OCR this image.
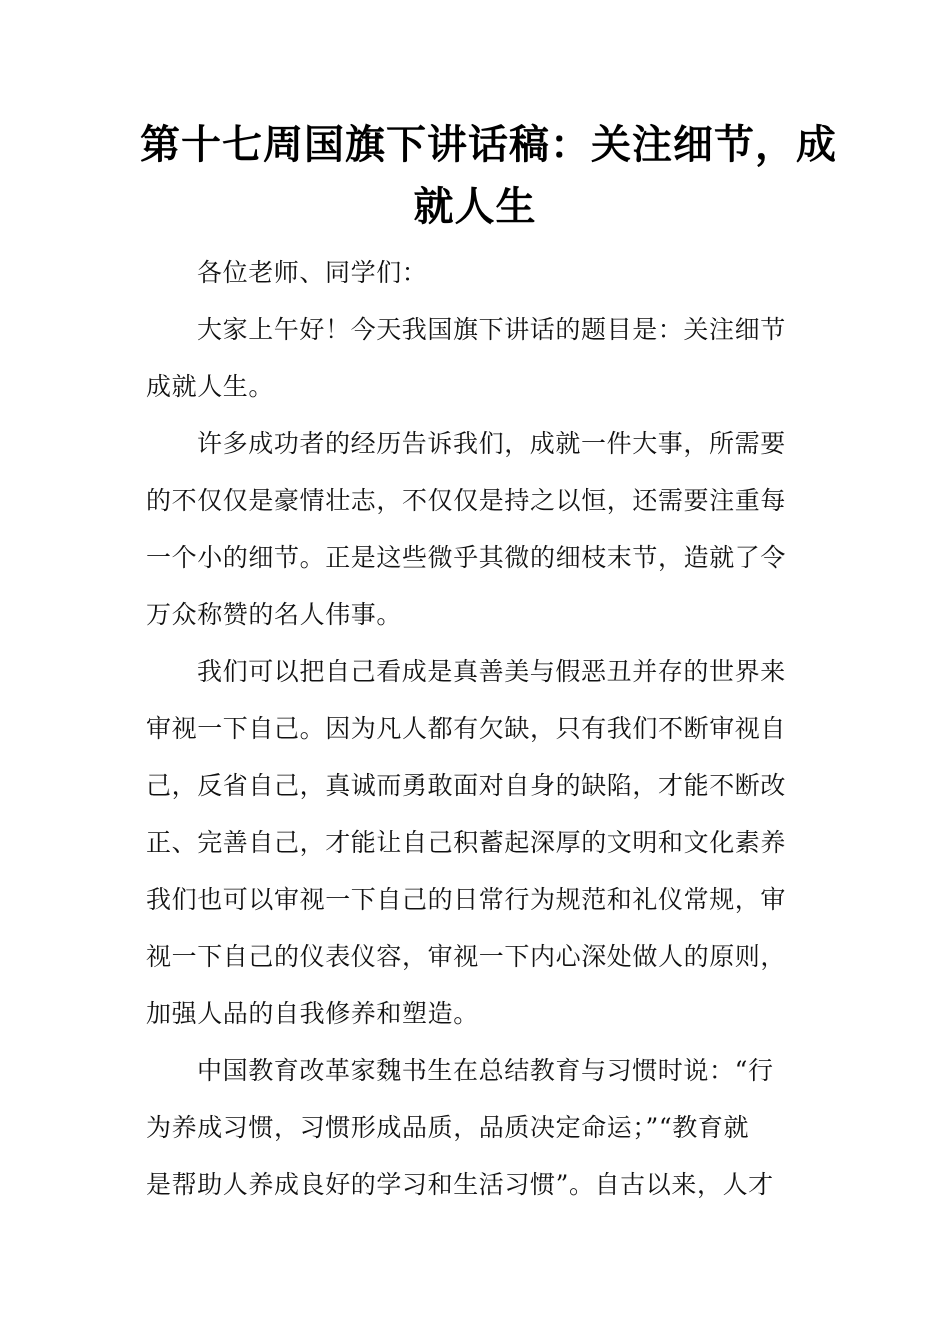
第十七周国旗下讲话稿：关注细节，成
就人生
各位老师、同学们：
大家上午好！今天我国旗下讲话的题目是：关注细节
成就人生。
许多成功者的经历告诉我们，成就一件大事，所需要
的不仅仅是豪情壮志，不仅仅是持之以恒，还需要注重每
一个小的细节。正是这些微乎其微的细枝末节，造就了令
万众称赞的名人伟事。
我们可以把自己看成是真善美与假恶丑并存的世界来
审视一下自己。因为凡人都有欠缺，只有我们不断审视自
己，反省自己，真诚而勇敢面对自身的缺陷，才能不断改
正、完善自己，才能让自己积蓄起深厚的文明和文化素养
我们也可以审视一下自己的日常行为规范和礼仪常规，审
视一下自己的仪表仪容，审视一下内心深处做人的原则，
加强人品的自我修养和塑造。
中国教育改革家魏书生在总结教育与习惯时说：“行
为养成习惯，习惯形成品质，品质决定命运；”“教育就
是帮助人养成良好的学习和生活习惯”。自古以来，人才
